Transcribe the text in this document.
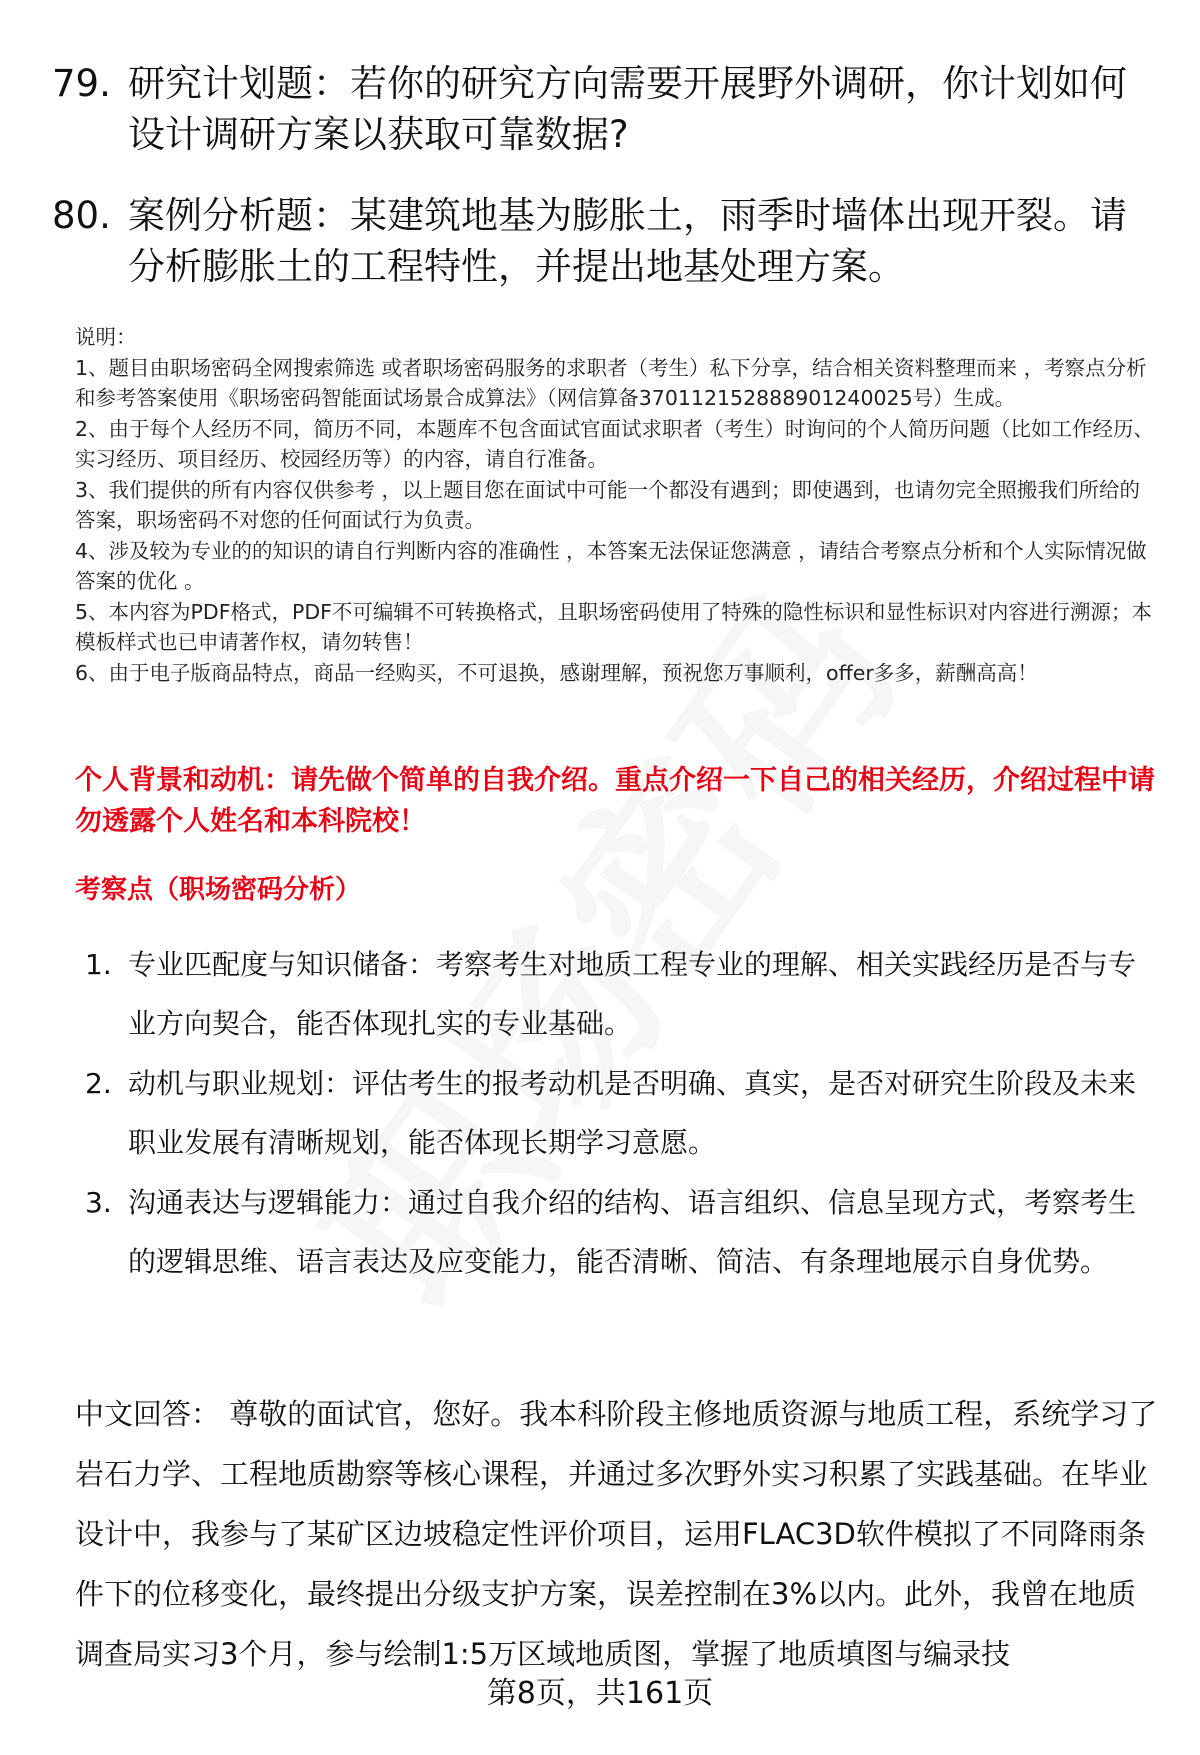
79. 研究计划题：若你的研究方向需要开展野外调研，你计划如何设计调研方案以获取可靠数据?
80. 案例分析题：某建筑地基为膨胀土，雨季时墙体出现开裂。请分析膨胀土的工程特性，并提出地基处理方案。
说明：
1、题目由职场密码全网搜索筛选 或者职场密码服务的求职者（考生）私下分享，结合相关资料整理而来 ，考察点分析和参考答案使用《职场密码智能面试场景合成算法》（网信算备370112152888901240025号）生成。
2、由于每个人经历不同，简历不同，本题库不包含面试官面试求职者（考生）时询问的个人简历问题（比如工作经历、实习经历、项目经历、校园经历等）的内容，请自行准备。
3、我们提供的所有内容仅供参考 ，以上题目您在面试中可能一个都没有遇到；即使遇到，也请勿完全照搬我们所给的答案，职场密码不对您的任何面试行为负责。
4、涉及较为专业的的知识的请自行判断内容的准确性 ，本答案无法保证您满意 ，请结合考察点分析和个人实际情况做答案的优化 。
5、本内容为PDF格式，PDF不可编辑不可转换格式，且职场密码使用了特殊的隐性标识和显性标识对内容进行溯源；本模板样式也已申请著作权，请勿转售！
6、由于电子版商品特点，商品一经购买，不可退换，感谢理解，预祝您万事顺利，offer多多，薪酬高高！
个人背景和动机：请先做个简单的自我介绍。重点介绍一下自己的相关经历，介绍过程中请勿透露个人姓名和本科院校！
考察点（职场密码分析）
1. 专业匹配度与知识储备：考察考生对地质工程专业的理解、相关实践经历是否与专业方向契合，能否体现扎实的专业基础。
2. 动机与职业规划：评估考生的报考动机是否明确、真实，是否对研究生阶段及未来职业发展有清晰规划，能否体现长期学习意愿。
3. 沟通表达与逻辑能力：通过自我介绍的结构、语言组织、信息呈现方式，考察考生的逻辑思维、语言表达及应变能力，能否清晰、简洁、有条理地展示自身优势。
中文回答： 尊敬的面试官，您好。我本科阶段主修地质资源与地质工程，系统学习了岩石力学、工程地质勘察等核心课程，并通过多次野外实习积累了实践基础。在毕业设计中，我参与了某矿区边坡稳定性评价项目，运用FLAC3D软件模拟了不同降雨条件下的位移变化，最终提出分级支护方案，误差控制在3%以内。此外，我曾在地质调查局实习3个月，参与绘制1:5万区域地质图，掌握了地质填图与编录技
第8页，共161页
